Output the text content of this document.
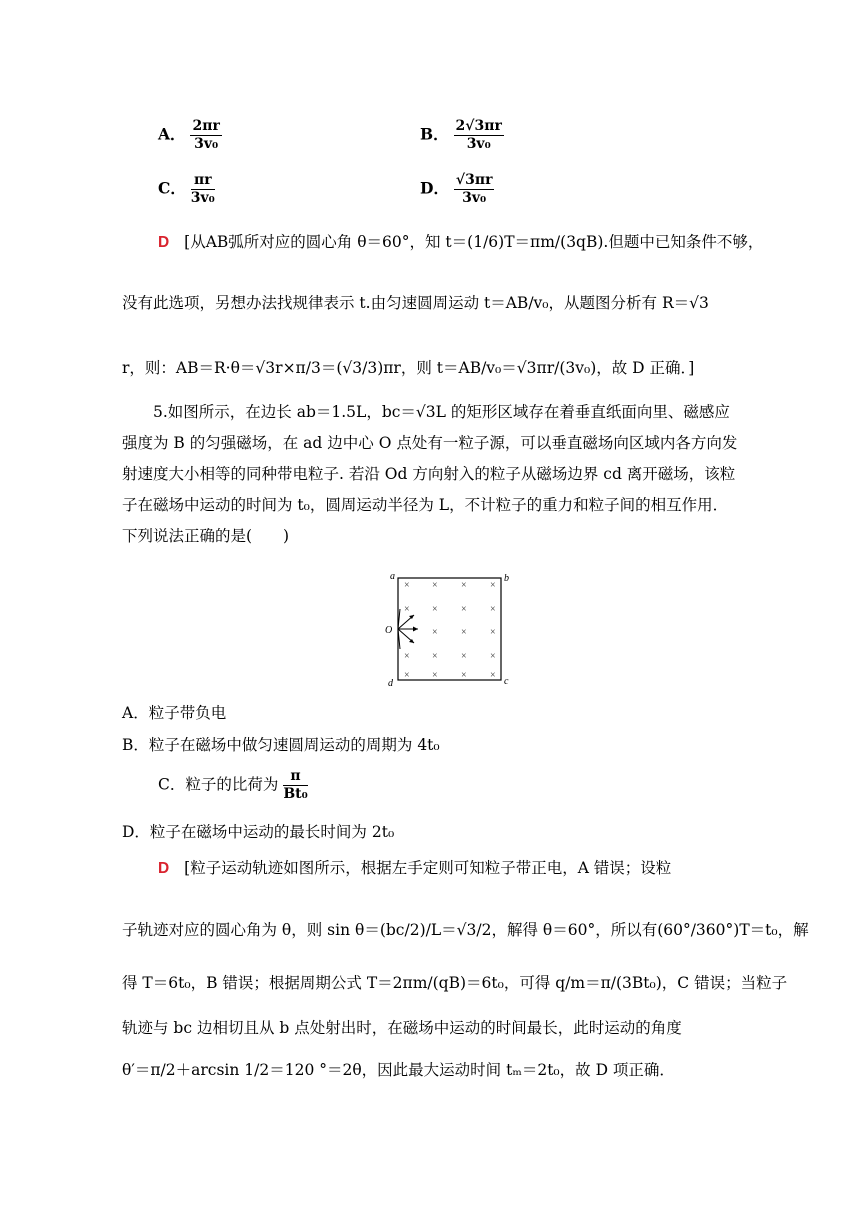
A． $\frac{2\pi r}{\text{3v₀}}$	B． $\frac{2√3\pi r}{\text{3v₀}}$
C． $\frac{\pi r}{\text{3v₀}}$	D． $\frac{√3\pi r}{\text{3v₀}}$
D [从AB弧所对应的圆心角 θ＝60°，知 t＝(1/6)T＝πm/(3qB).但题中已知条件不够，
没有此选项，另想办法找规律表示 t.由匀速圆周运动 t＝AB/v₀，从题图分析有 R＝√3
r，则：AB＝R·θ＝√3r×π/3＝(√3/3)πr，则 t＝AB/v₀＝√3πr/(3v₀)，故 D 正确．]
5.如图所示，在边长 ab＝1.5L，bc＝√3L 的矩形区域存在着垂直纸面向里、磁感应强度为 B 的匀强磁场，在 ad 边中心 O 点处有一粒子源，可以垂直磁场向区域内各方向发射速度大小相等的同种带电粒子. 若沿 Od 方向射入的粒子从磁场边界 cd 离开磁场，该粒子在磁场中运动的时间为 t₀，圆周运动半径为 L，不计粒子的重力和粒子间的相互作用．下列说法正确的是(　　)
a	b
c
d
O
× × × ×
× × × ×
× × ×
× × × ×
× × × ×
A．粒子带负电
B．粒子在磁场中做匀速圆周运动的周期为 4t₀
C．粒子的比荷为 $\frac{\pi}{\text{Bt₀}}$
D．粒子在磁场中运动的最长时间为 2t₀
D [粒子运动轨迹如图所示，根据左手定则可知粒子带正电，A 错误；设粒
子轨迹对应的圆心角为 θ，则 sin θ＝(bc/2)/L＝√3/2，解得 θ＝60°，所以有(60°/360°)T＝t₀，解
得 T＝6t₀，B 错误；根据周期公式 T＝2πm/(qB)＝6t₀，可得 q/m＝π/(3Bt₀)，C 错误；当粒子
轨迹与 bc 边相切且从 b 点处射出时，在磁场中运动的时间最长，此时运动的角度
θ′＝π/2＋arcsin 1/2＝120 °＝2θ，因此最大运动时间 tₘ＝2t₀，故 D 项正确．
